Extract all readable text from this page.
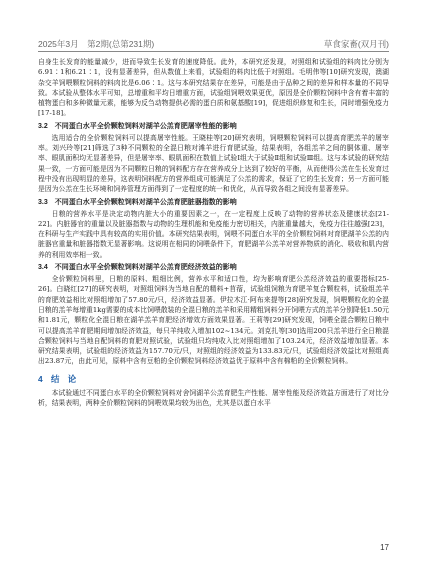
2025年3月　第2期(总第231期)	草食家畜(双月刊)

自身生长发育的能量减少，进而导致生长发育的速度降低。此外，本研究还发现，对照组和试验组的料肉比分别为6.91∶1和6.21∶1，没有显著差异，但从数值上来看，试验组的料肉比低于对照组。毛明伟等[10]研究发现，澳湖杂交羊饲喂颗粒饲料的料肉比是6.06∶1。这与本研究结果存在差异，可能是由于品种之间的差异和样本量的不同导致。本试验从整体水平可知，总增重和平均日增重方面，试验组饲喂效果更优，原因是全价颗粒饲料中含有着丰富的植物蛋白和多种微量元素，能够为反刍动物提供必需的蛋白质和氨基酸[19]，促进组织修复和生长，同时增强免疫力[17-18]。

3.2　不同蛋白水平全价颗粒饲料对湖羊公羔育肥屠宰性能的影响

选用适合的全价颗粒饲料可以提高屠宰性能。王晓桂等[20]研究表明，饲喂颗粒饲料可以提高育肥羔羊的屠宰率。刘兴玲等[21]筛选了3种不同颗粒的全混日粮对滩羊进行育肥试验，结果表明，各组羔羊之间的胴体重、屠宰率、眼肌面积均无显著差异，但是屠宰率、眼肌面积在数值上试验Ⅰ组大于试验Ⅱ组和试验Ⅲ组。这与本试验的研究结果一致，一方面可能是因为不同颗粒日粮的饲料配方存在营养成分上达到了较好的平衡，从而使得公羔在生长发育过程中没有出现明显的差异，这表明饲料配方的营养组成可能满足了公羔的需求，保证了它的生长发育；另一方面可能是因为公羔在生长环境和饲养管理方面得到了一定程度的统一和优化，从而导致各组之间没有显著差异。

3.3　不同蛋白水平全价颗粒饲料对湖羊公羔育肥脏器指数的影响

日粮的营养水平是决定动物内脏大小的重要因素之一，在一定程度上反映了动物的营养状态及健康状态[21-22]。内脏器官的重量以及脏器指数与动物的生理机能和免疫能力密切相关，内脏重量越大，免疫力往往越强[23]，在科研与生产实践中具有较高的实用价值。本研究结果表明，饲喂不同蛋白水平的全价颗粒饲料对育肥湖羊公羔的内脏器官重量和脏器指数无显著影响。这说明在相同的饲喂条件下，育肥湖羊公羔羊对营养物质的消化、吸收和肌内营养的利用效率相一致。

3.4　不同蛋白水平全价颗粒饲料对湖羊公羔育肥经济效益的影响

全价颗粒饲料里，日粮的原料、粗细比例，营养水平和适口性，均为影响育肥公羔经济效益的重要指标[25-26]。白晓红[27]的研究表明，对照组饲料为当地自配的精料+苜蓿，试验组饲粮为育肥羊复合颗粒料，试验组羔羊的育肥效益相比对照组增加了57.80元/只，经济效益显著。伊拉木江·阿布来提等[28]研究发现，饲喂颗粒化的全混日粮的羔羊每增重1kg需要的成本比饲喂散装的全混日粮的羔羊和采用精粗饲料分开饲喂方式的羔羊分别降低1.50元和1.81元，颗粒化全混日粮在湖羊羔羊育肥经济增效方面效果显著。王莉等[29]研究发现，饲喂全混合颗粒日粮中可以提高羔羊育肥期间增加经济效益，每只羊纯收入增加102~134元。刘克扎等[30]选用200只羔羊进行全日粮混合颗粒饲料与当地自配饲料的育肥对照试验，试验组只均纯收入比对照组增加了103.24元，经济效益增加显著。本研究结果表明，试验组的经济效益为157.70元/只，对照组的经济效益为133.83元/只，试验组经济效益比对照组高出23.87元，由此可见，原料中含有豆粕的全价颗粒饲料经济效益优于原料中含有棉粕的全价颗粒饲料。

4　结　论

本试验通过不同蛋白水平的全价颗粒饲料对舍饲湖羊公羔育肥生产性能、屠宰性能及经济效益方面进行了对比分析，结果表明，两种全价颗粒饲料的饲喂效果均较为出色，尤其是以蛋白水平

17
